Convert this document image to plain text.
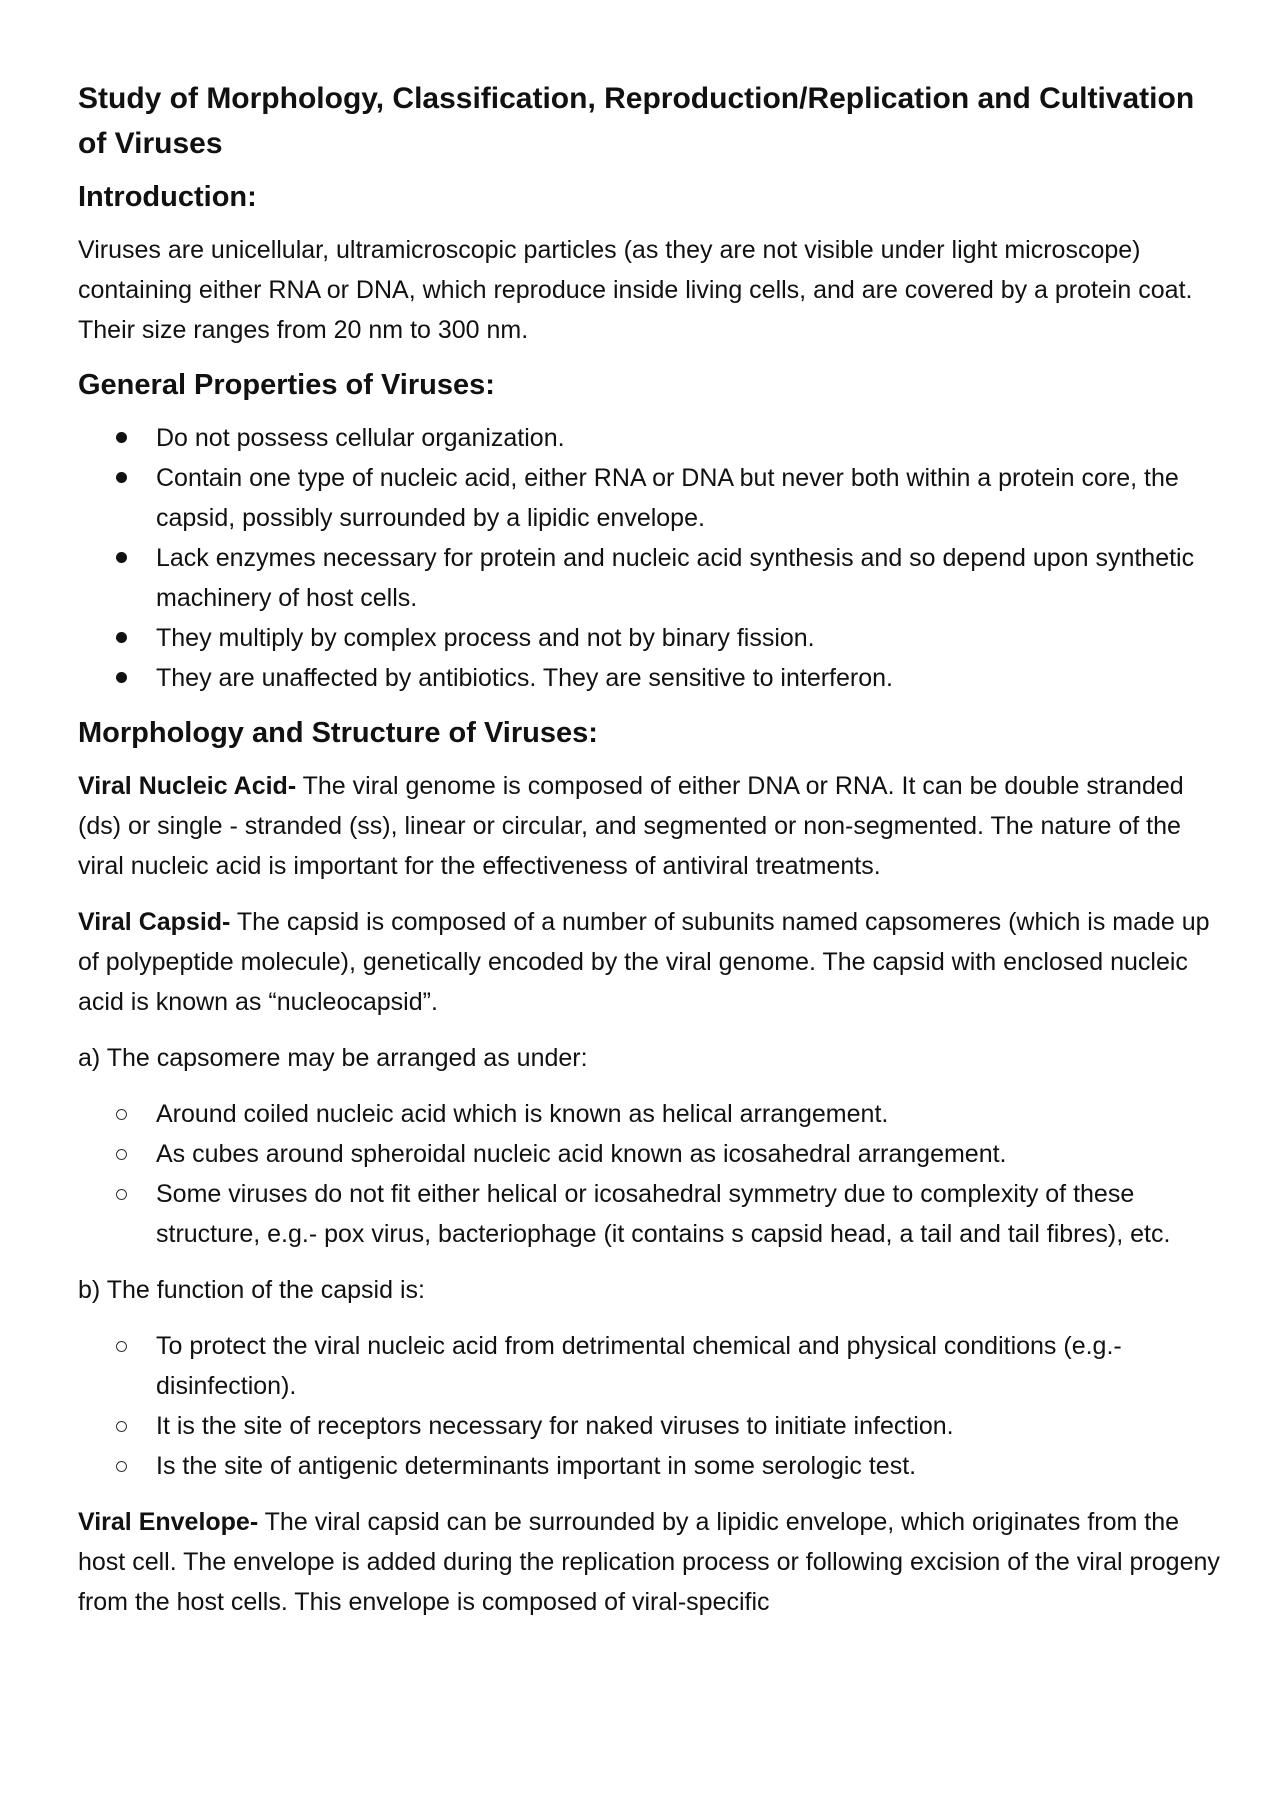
Study of Morphology, Classification, Reproduction/Replication and Cultivation of Viruses
Introduction:

Viruses are unicellular, ultramicroscopic particles (as they are not visible under light microscope) containing either RNA or DNA, which reproduce inside living cells, and are covered by a protein coat. Their size ranges from 20 nm to 300 nm.

General Properties of Viruses:
Do not possess cellular organization.
Contain one type of nucleic acid, either RNA or DNA but never both within a protein core, the capsid, possibly surrounded by a lipidic envelope.
Lack enzymes necessary for protein and nucleic acid synthesis and so depend upon synthetic machinery of host cells.
They multiply by complex process and not by binary fission.
They are unaffected by antibiotics. They are sensitive to interferon.
Morphology and Structure of Viruses:

Viral Nucleic Acid- The viral genome is composed of either DNA or RNA. It can be double stranded (ds) or single - stranded (ss), linear or circular, and segmented or non-segmented. The nature of the viral nucleic acid is important for the effectiveness of antiviral treatments.

Viral Capsid- The capsid is composed of a number of subunits named capsomeres (which is made up of polypeptide molecule), genetically encoded by the viral genome. The capsid with enclosed nucleic acid is known as “nucleocapsid”.

a) The capsomere may be arranged as under:

Around coiled nucleic acid which is known as helical arrangement.
As cubes around spheroidal nucleic acid known as icosahedral arrangement.
Some viruses do not fit either helical or icosahedral symmetry due to complexity of these structure, e.g.- pox virus, bacteriophage (it contains s capsid head, a tail and tail fibres), etc.

b) The function of the capsid is:

To protect the viral nucleic acid from detrimental chemical and physical conditions (e.g.- disinfection).
It is the site of receptors necessary for naked viruses to initiate infection.
Is the site of antigenic determinants important in some serologic test.

Viral Envelope- The viral capsid can be surrounded by a lipidic envelope, which originates from the host cell. The envelope is added during the replication process or following excision of the viral progeny from the host cells. This envelope is composed of viral-specific
